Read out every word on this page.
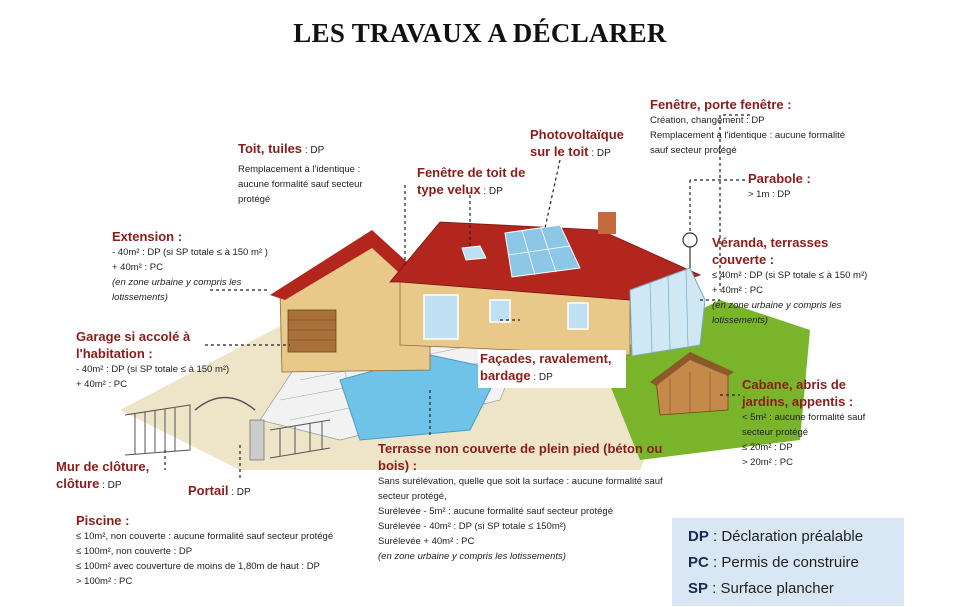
LES TRAVAUX A DÉCLARER
Toit, tuiles : DP
Remplacement à l'identique :
aucune formalité sauf secteur
protégé
Fenêtre de toit de
type velux : DP
Photovoltaïque
sur le toit : DP
Fenêtre, porte fenêtre :
Création, changement : DP
Remplacement à l'identique : aucune formalité
sauf secteur protégé
Parabole :
> 1m : DP
Véranda, terrasses
couverte :
≤ 40m² : DP (si SP totale ≤ à 150 m²)
+ 40m² : PC
(en zone urbaine y compris les
lotissements)
Extension :
- 40m² : DP (si SP totale ≤ à 150 m² )
+ 40m² : PC
(en zone urbaine y compris les
lotissements)
Garage si accolé à
l'habitation :
- 40m² : DP (si SP totale ≤ à 150 m²)
+ 40m² : PC
Façades, ravalement,
bardage : DP	Cabane, abris de
jardins, appentis :
< 5m² : aucune formalité sauf
secteur protégé
≤ 20m² : DP
> 20m² : PC
Mur de clôture,
clôture : DP	Portail : DP
Terrasse non couverte de plein pied (béton ou
bois) :
Sans surélévation, quelle que soit la surface : aucune formalité sauf
secteur protégé,
Surélevée - 5m² : aucune formalité sauf secteur protégé
Surélevée - 40m² : DP (si SP totale ≤ 150m²)
Surélevée + 40m² : PC
(en zone urbaine y compris les lotissements)
Piscine :
≤ 10m², non couverte : aucune formalité sauf secteur protégé
≤ 100m², non couverte : DP
≤ 100m² avec couverture de moins de 1,80m de haut : DP
> 100m² : PC
DP : Déclaration préalable
PC : Permis de construire
SP : Surface plancher
